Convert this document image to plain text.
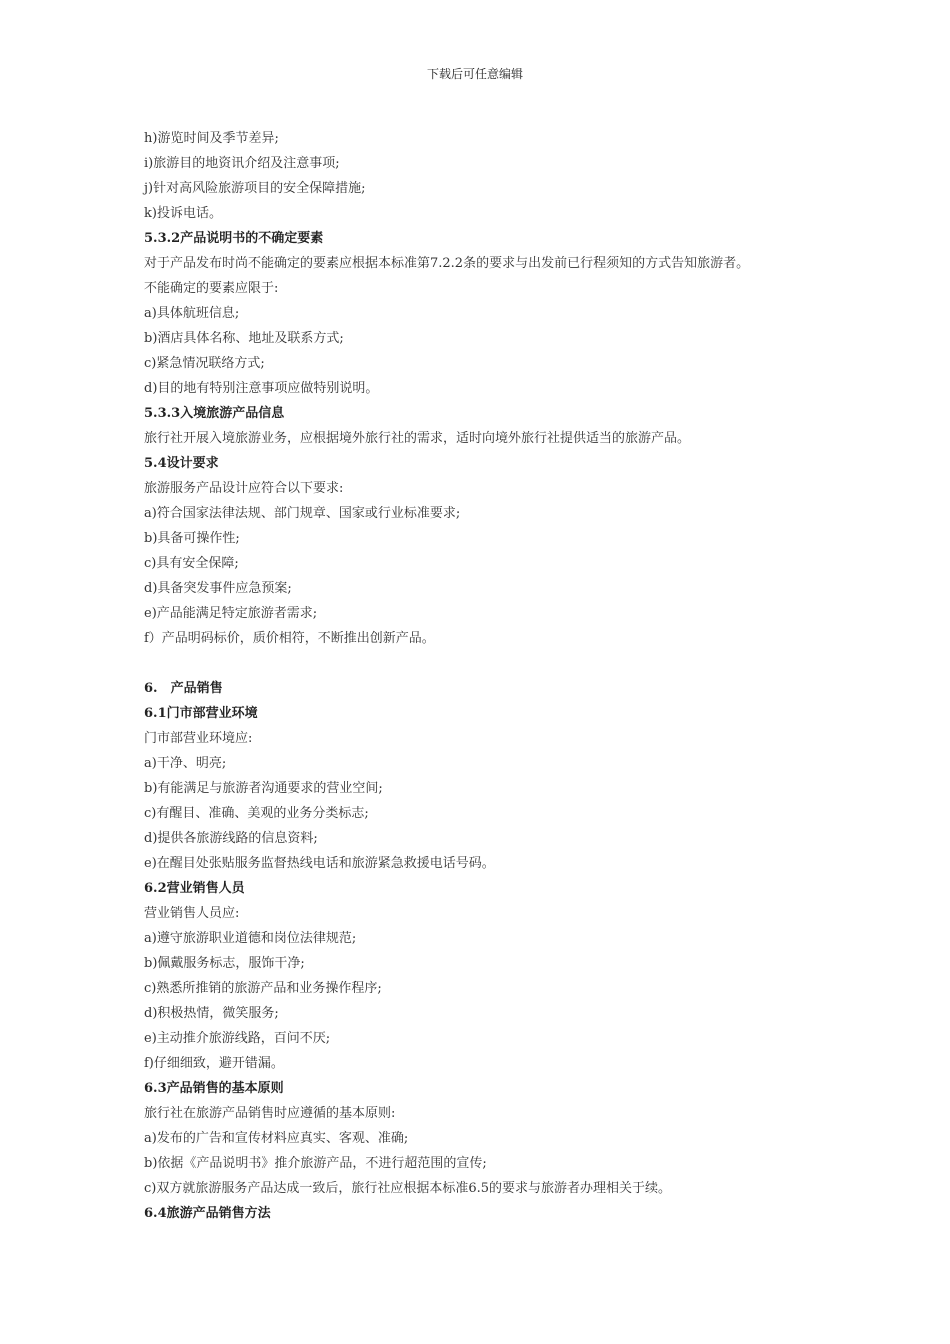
下载后可任意编辑
h)游览时间及季节差异;
i)旅游目的地资讯介绍及注意事项;
j)针对高风险旅游项目的安全保障措施;
k)投诉电话。
5.3.2产品说明书的不确定要素
对于产品发布时尚不能确定的要素应根据本标准第7.2.2条的要求与出发前已行程须知的方式告知旅游者。
不能确定的要素应限于:
a)具体航班信息;
b)酒店具体名称、地址及联系方式;
c)紧急情况联络方式;
d)目的地有特别注意事项应做特别说明。
5.3.3入境旅游产品信息
旅行社开展入境旅游业务，应根据境外旅行社的需求，适时向境外旅行社提供适当的旅游产品。
5.4设计要求
旅游服务产品设计应符合以下要求:
a)符合国家法律法规、部门规章、国家或行业标准要求;
b)具备可操作性;
c)具有安全保障;
d)具备突发事件应急预案;
e)产品能满足特定旅游者需求;
f）产品明码标价，质价相符，不断推出创新产品。
6.　产品销售
6.1门市部营业环境
门市部营业环境应:
a)干净、明亮;
b)有能满足与旅游者沟通要求的营业空间;
c)有醒目、准确、美观的业务分类标志;
d)提供各旅游线路的信息资料;
e)在醒目处张贴服务监督热线电话和旅游紧急救援电话号码。
6.2营业销售人员
营业销售人员应:
a)遵守旅游职业道德和岗位法律规范;
b)佩戴服务标志，服饰干净;
c)熟悉所推销的旅游产品和业务操作程序;
d)积极热情，微笑服务;
e)主动推介旅游线路，百问不厌;
f)仔细细致，避开错漏。
6.3产品销售的基本原则
旅行社在旅游产品销售时应遵循的基本原则:
a)发布的广告和宣传材料应真实、客观、准确;
b)依据《产品说明书》推介旅游产品，不进行超范围的宣传;
c)双方就旅游服务产品达成一致后，旅行社应根据本标准6.5的要求与旅游者办理相关于续。
6.4旅游产品销售方法
